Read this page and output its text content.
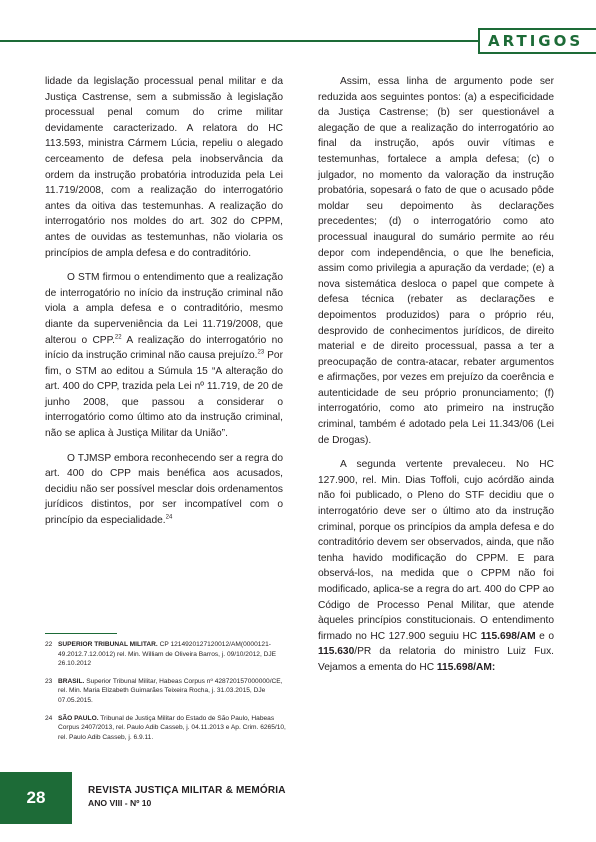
ARTIGOS

lidade da legislação processual penal militar e da Justiça Castrense, sem a submissão à legislação processual penal comum do crime militar devidamente caracterizado. A relatora do HC 113.593, ministra Cármem Lúcia, repeliu o alegado cerceamento de defesa pela inobservância da ordem da instrução probatória introduzida pela Lei 11.719/2008, com a realização do interrogatório antes da oitiva das testemunhas. A realização do interrogatório nos moldes do art. 302 do CPPM, antes de ouvidas as testemunhas, não violaria os princípios de ampla defesa e do contraditório.

O STM firmou o entendimento que a realização de interrogatório no início da instrução criminal não viola a ampla defesa e o contraditório, mesmo diante da superveniência da Lei 11.719/2008, que alterou o CPP.$^{22}$ A realização do interrogatório no início da instrução criminal não causa prejuízo.$^{23}$ Por fim, o STM ao editou a Súmula 15 “A alteração do art. 400 do CPP, trazida pela Lei nº 11.719, de 20 de junho 2008, que passou a considerar o interrogatório como último ato da instrução criminal, não se aplica à Justiça Militar da União”.

O TJMSP embora reconhecendo ser a regra do art. 400 do CPP mais benéfica aos acusados, decidiu não ser possível mesclar dois ordenamentos jurídicos distintos, por ser incompatível com o princípio da especialidade.$^{24}$

22 SUPERIOR TRIBUNAL MILITAR. CP 1214920127120012/AM(0000121-49.2012.7.12.0012) rel. Min. William de Oliveira Barros, j. 09/10/2012, DJE 26.10.2012
23 BRASIL. Superior Tribunal Militar, Habeas Corpus nº 428720157000000/CE, rel. Min. Maria Elizabeth Guimarães Teixeira Rocha, j. 31.03.2015, DJe 07.05.2015.
24 SÃO PAULO. Tribunal de Justiça Militar do Estado de São Paulo, Habeas Corpus 2407/2013, rel. Paulo Adib Casseb, j. 04.11.2013 e Ap. Crim. 6265/10, rel. Paulo Adib Casseb, j. 6.9.11.

Assim, essa linha de argumento pode ser reduzida aos seguintes pontos: (a) a especificidade da Justiça Castrense; (b) ser questionável a alegação de que a realização do interrogatório ao final da instrução, após ouvir vítimas e testemunhas, fortalece a ampla defesa; (c) o julgador, no momento da valoração da instrução probatória, sopesará o fato de que o acusado pôde moldar seu depoimento às declarações precedentes; (d) o interrogatório como ato processual inaugural do sumário permite ao réu depor com independência, o que lhe beneficia, assim como privilegia a apuração da verdade; (e) a nova sistemática desloca o papel que compete à defesa técnica (rebater as declarações e depoimentos produzidos) para o próprio réu, desprovido de conhecimentos jurídicos, de direito material e de direito processual, passa a ter a preocupação de contra-atacar, rebater argumentos e afirmações, por vezes em prejuízo da coerência e autenticidade de seu próprio pronunciamento; (f) interrogatório, como ato primeiro na instrução criminal, também é adotado pela Lei 11.343/06 (Lei de Drogas).

A segunda vertente prevaleceu. No HC 127.900, rel. Min. Dias Toffoli, cujo acórdão ainda não foi publicado, o Pleno do STF decidiu que o interrogatório deve ser o último ato da instrução criminal, porque os princípios da ampla defesa e do contraditório devem ser observados, ainda, que não tenha havido modificação do CPPM. E para observá-los, na medida que o CPPM não foi modificado, aplica-se a regra do art. 400 do CPP ao Código de Processo Penal Militar, que atende àqueles princípios constitucionais. O entendimento firmado no HC 127.900 seguiu HC 115.698/AM e o 115.630/PR da relatoria do ministro Luiz Fux. Vejamos a ementa do HC 115.698/AM:

28	REVISTA JUSTIÇA MILITAR & MEMÓRIA
ANO VIII - Nº 10
